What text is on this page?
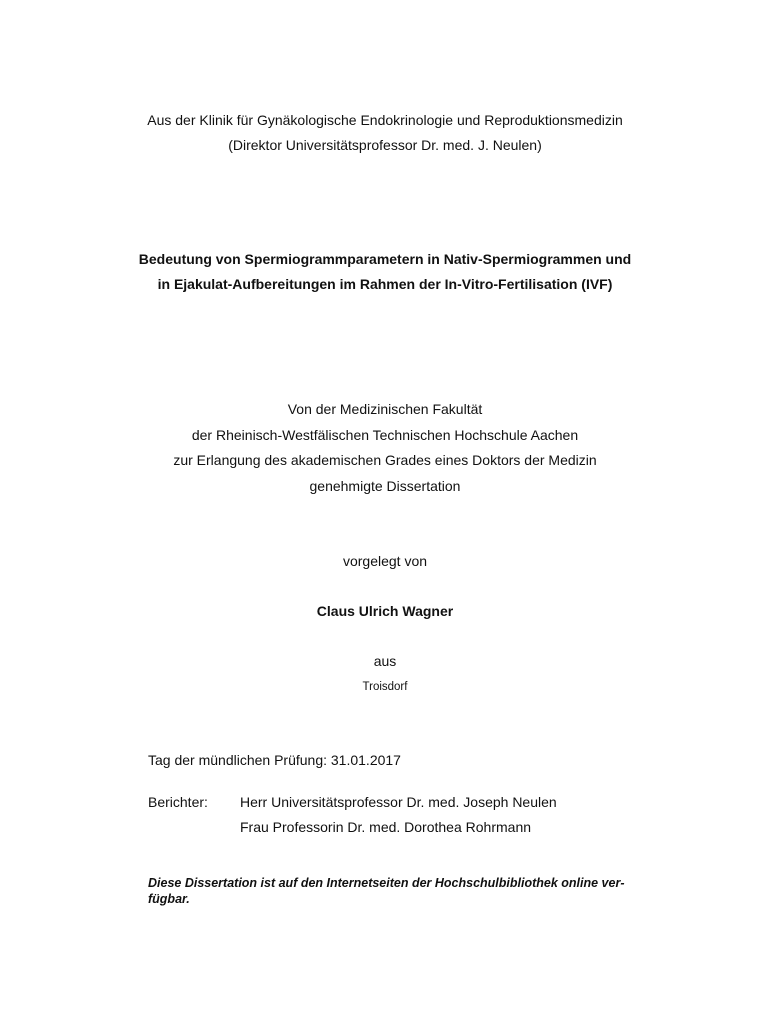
Aus der Klinik für Gynäkologische Endokrinologie und Reproduktionsmedizin
(Direktor Universitätsprofessor Dr. med. J. Neulen)
Bedeutung von Spermiogrammparametern in Nativ-Spermiogrammen und
in Ejakulat-Aufbereitungen im Rahmen der In-Vitro-Fertilisation (IVF)
Von der Medizinischen Fakultät
der Rheinisch-Westfälischen Technischen Hochschule Aachen
zur Erlangung des akademischen Grades eines Doktors der Medizin
genehmigte Dissertation
vorgelegt von
Claus Ulrich Wagner
aus
Troisdorf
Tag der mündlichen Prüfung: 31.01.2017
Berichter: Herr Universitätsprofessor Dr. med. Joseph Neulen
Frau Professorin Dr. med. Dorothea Rohrmann
Diese Dissertation ist auf den Internetseiten der Hochschulbibliothek online ver-
fügbar.
